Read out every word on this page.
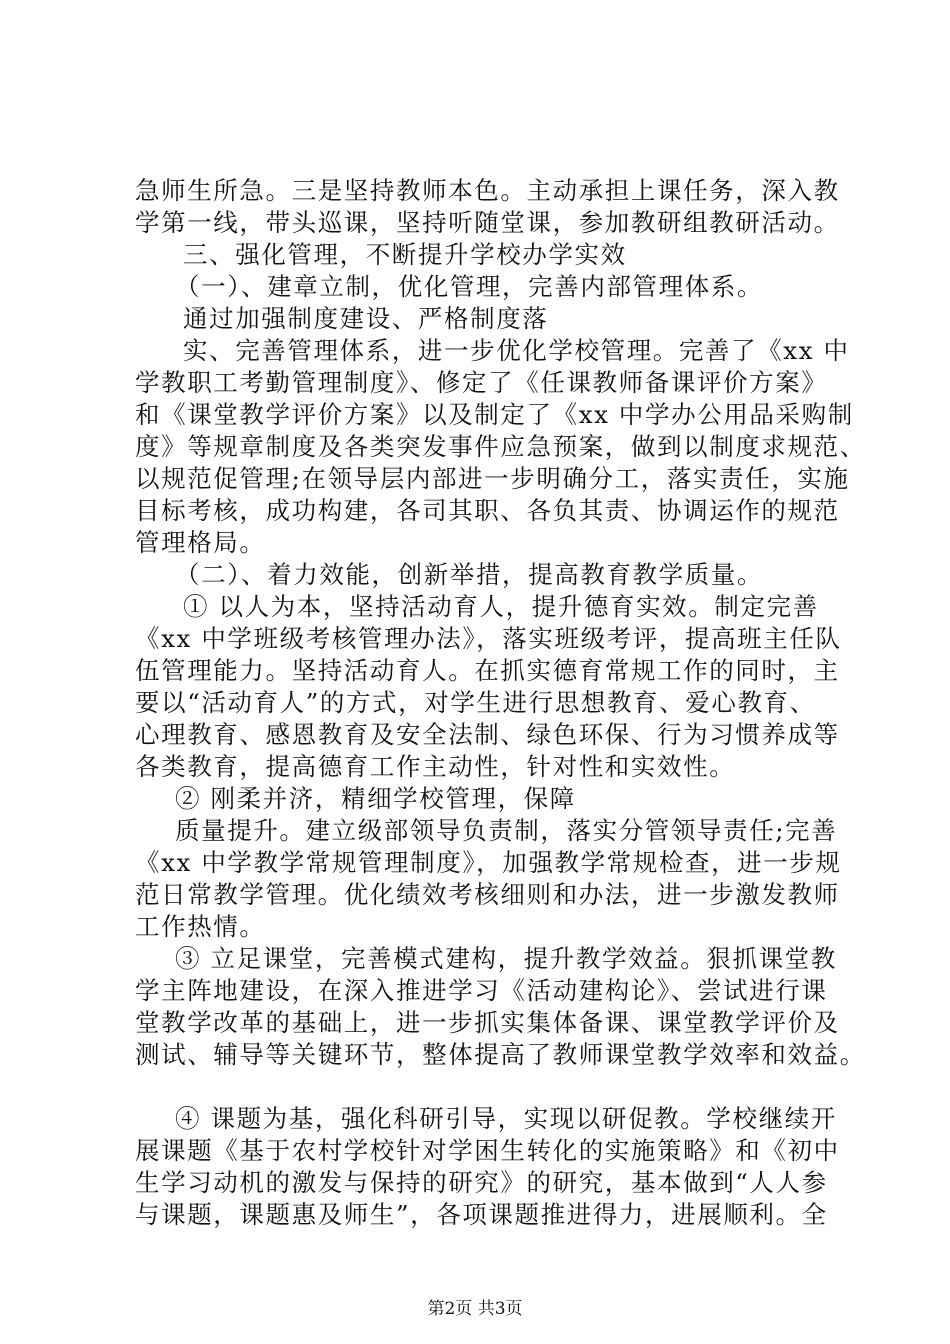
急师生所急。三是坚持教师本色。主动承担上课任务，深入教
学第一线，带头巡课，坚持听随堂课，参加教研组教研活动。
三、强化管理，不断提升学校办学实效
（一）、建章立制，优化管理，完善内部管理体系。
通过加强制度建设、严格制度落
实、完善管理体系，进一步优化学校管理。完善了《xx 中
学教职工考勤管理制度》、修定了《任课教师备课评价方案》
和《课堂教学评价方案》以及制定了《xx 中学办公用品采购制
度》等规章制度及各类突发事件应急预案，做到以制度求规范、
以规范促管理;在领导层内部进一步明确分工，落实责任，实施
目标考核，成功构建，各司其职、各负其责、协调运作的规范
管理格局。
（二）、着力效能，创新举措，提高教育教学质量。
① 以人为本，坚持活动育人，提升德育实效。制定完善
《xx 中学班级考核管理办法》，落实班级考评，提高班主任队
伍管理能力。坚持活动育人。在抓实德育常规工作的同时，主
要以“活动育人”的方式，对学生进行思想教育、爱心教育、
心理教育、感恩教育及安全法制、绿色环保、行为习惯养成等
各类教育，提高德育工作主动性，针对性和实效性。
② 刚柔并济，精细学校管理，保障
质量提升。建立级部领导负责制，落实分管领导责任;完善
《xx 中学教学常规管理制度》，加强教学常规检查，进一步规
范日常教学管理。优化绩效考核细则和办法，进一步激发教师
工作热情。
③ 立足课堂，完善模式建构，提升教学效益。狠抓课堂教
学主阵地建设，在深入推进学习《活动建构论》、尝试进行课
堂教学改革的基础上，进一步抓实集体备课、课堂教学评价及
测试、辅导等关键环节，整体提高了教师课堂教学效率和效益。
④ 课题为基，强化科研引导，实现以研促教。学校继续开
展课题《基于农村学校针对学困生转化的实施策略》和《初中
生学习动机的激发与保持的研究》的研究，基本做到“人人参
与课题，课题惠及师生”，各项课题推进得力，进展顺利。全
第2页 共3页
